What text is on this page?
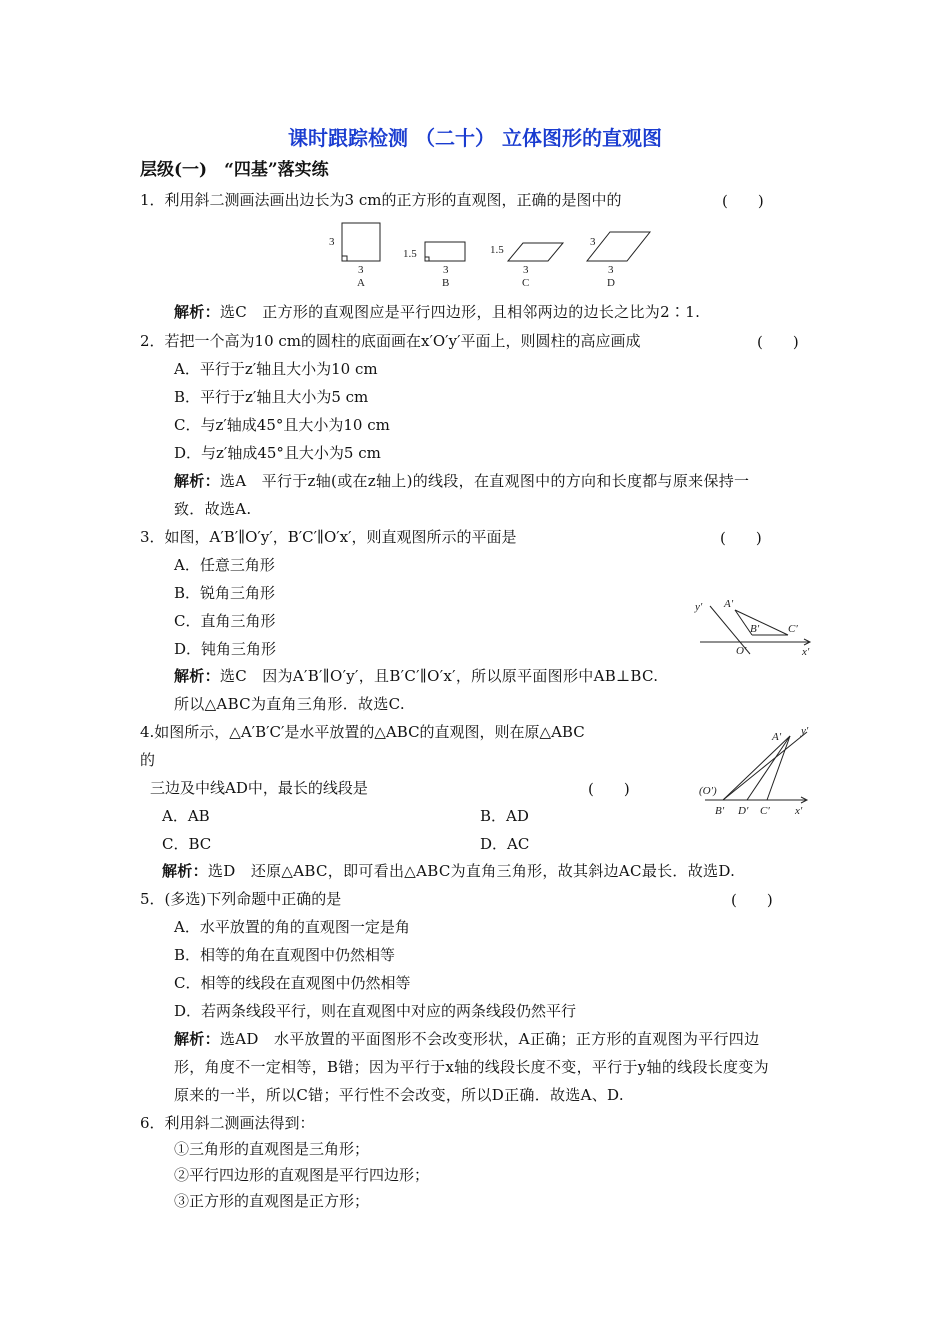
课时跟踪检测 （二十） 立体图形的直观图
层级(一)　“四基”落实练
1．利用斜二测画法画出边长为3 cm的正方形的直观图，正确的是图中的	(　　)
3
3
A
1.5
3
B
1.5
3
C
3
3
D
解析：选C　正方形的直观图应是平行四边形，且相邻两边的边长之比为2∶1.
2．若把一个高为10 cm的圆柱的底面画在x′O′y′平面上，则圆柱的高应画成	(　　)
A．平行于z′轴且大小为10 cm
B．平行于z′轴且大小为5 cm
C．与z′轴成45°且大小为10 cm
D．与z′轴成45°且大小为5 cm
解析：选A　平行于z轴(或在z轴上)的线段，在直观图中的方向和长度都与原来保持一
致．故选A.
3．如图，A′B′∥O′y′，B′C′∥O′x′，则直观图所示的平面是	(　　)
A．任意三角形
B．锐角三角形
C．直角三角形
D．钝角三角形
y′ A′
B′	C′
O′	x′
解析：选C　因为A′B′∥O′y′，且B′C′∥O′x′，所以原平面图形中AB⊥BC.
所以△ABC为直角三角形．故选C.
4.如图所示，△A′B′C′是水平放置的△ABC的直观图，则在原△ABC
的
三边及中线AD中，最长的线段是	(　　)
A．AB	B．AD
C．BC	D．AC
A′ y′
(O′)
B′ D′ C′ x′
解析：选D　还原△ABC，即可看出△ABC为直角三角形，故其斜边AC最长．故选D.
5．(多选)下列命题中正确的是	(　　)
A．水平放置的角的直观图一定是角
B．相等的角在直观图中仍然相等
C．相等的线段在直观图中仍然相等
D．若两条线段平行，则在直观图中对应的两条线段仍然平行
解析：选AD　水平放置的平面图形不会改变形状，A正确；正方形的直观图为平行四边
形，角度不一定相等，B错；因为平行于x轴的线段长度不变，平行于y轴的线段长度变为
原来的一半，所以C错；平行性不会改变，所以D正确．故选A、D.
6．利用斜二测画法得到：
①三角形的直观图是三角形；
②平行四边形的直观图是平行四边形；
③正方形的直观图是正方形；
